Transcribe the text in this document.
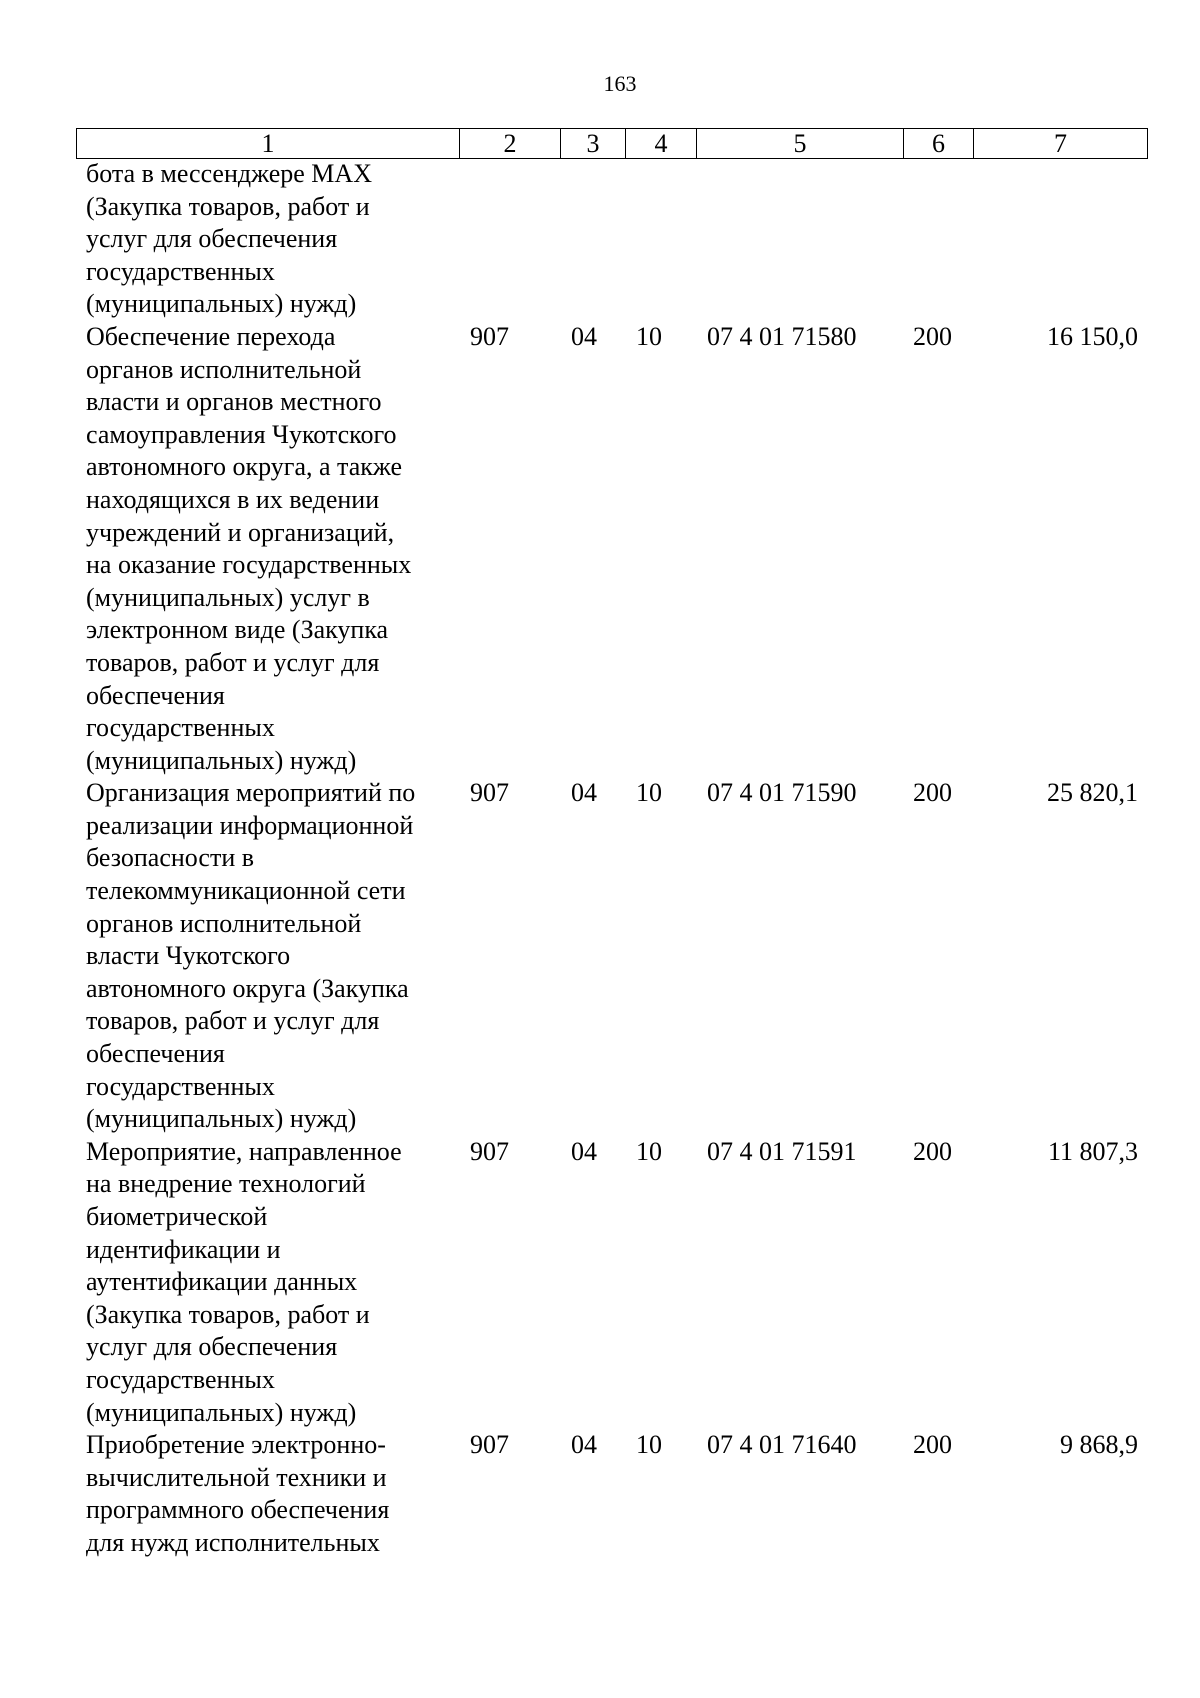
163
1	2	3	4	5	6	7
бота в мессенджере MAX
(Закупка товаров, работ и
услуг для обеспечения
государственных
(муниципальных) нужд)
Обеспечение перехода
органов исполнительной
власти и органов местного
самоуправления Чукотского
автономного округа, а также
находящихся в их ведении
учреждений и организаций,
на оказание государственных
(муниципальных) услуг в
электронном виде (Закупка
товаров, работ и услуг для
обеспечения
государственных
(муниципальных) нужд)
907	04	10	07 4 01 71580	200	16 150,0
Организация мероприятий по
реализации информационной
безопасности в
телекоммуникационной сети
органов исполнительной
власти Чукотского
автономного округа (Закупка
товаров, работ и услуг для
обеспечения
государственных
(муниципальных) нужд)
907	04	10	07 4 01 71590	200	25 820,1
Мероприятие, направленное
на внедрение технологий
биометрической
идентификации и
аутентификации данных
(Закупка товаров, работ и
услуг для обеспечения
государственных
(муниципальных) нужд)
907	04	10	07 4 01 71591	200	11 807,3
Приобретение электронно-
вычислительной техники и
программного обеспечения
для нужд исполнительных
907	04	10	07 4 01 71640	200	9 868,9
